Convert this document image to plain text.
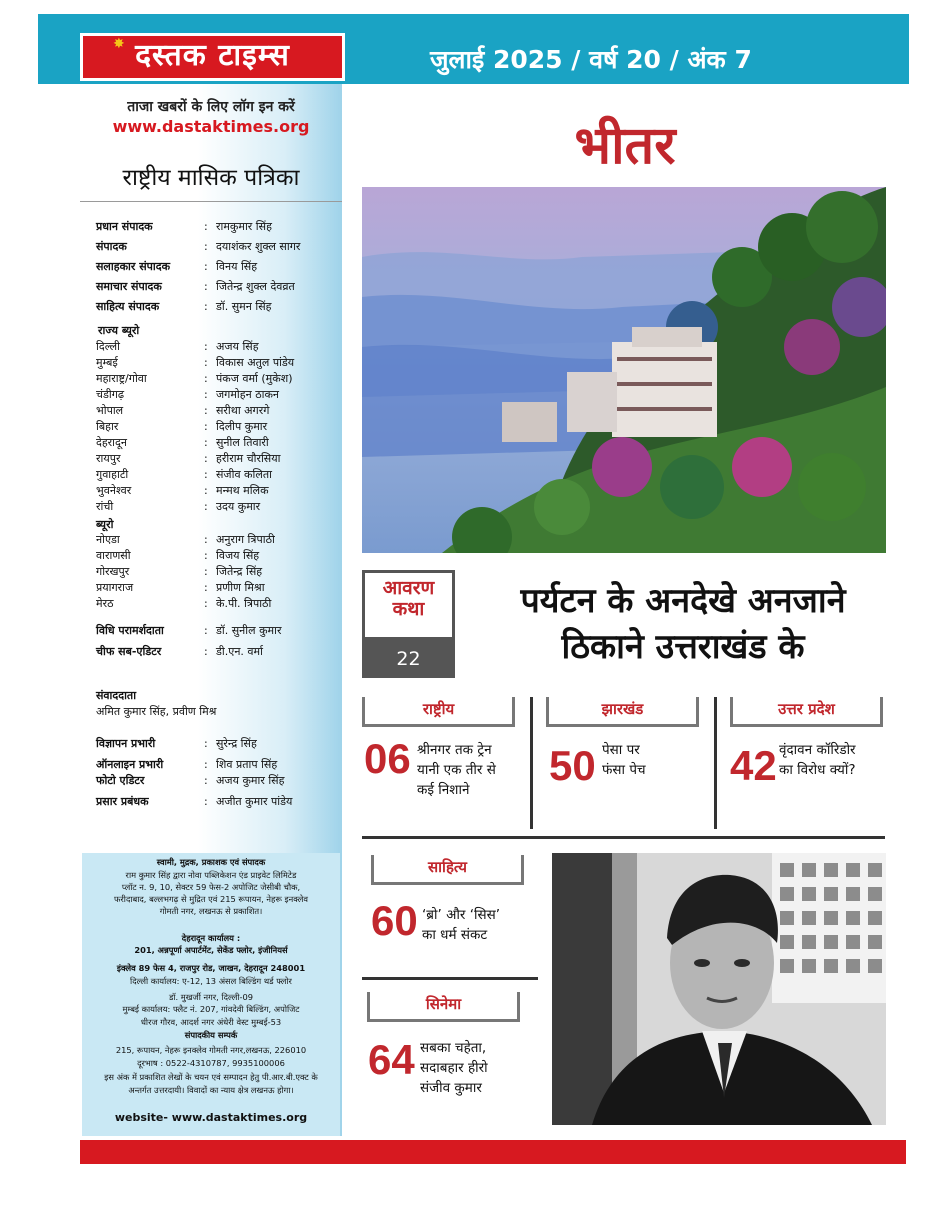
✸ दस्तक टाइम्स	जुलाई 2025 / वर्ष 20 / अंक 7
ताजा खबरों के लिए लॉग इन करें
www.dastaktimes.org
राष्ट्रीय मासिक पत्रिका
प्रधान संपादक	: रामकुमार सिंह
संपादक	: दयाशंकर शुक्ल सागर
सलाहकार संपादक	: विनय सिंह
समाचार संपादक	: जितेन्द्र शुक्ल देवव्रत
साहित्य संपादक	: डॉ. सुमन सिंह
राज्य ब्यूरो
दिल्ली	: अजय सिंह
मुम्बई	: विकास अतुल पांडेय
महाराष्ट्र/गोवा	: पंकज वर्मा (मुकेश)
चंडीगढ़	: जगमोहन ठाकन
भोपाल	: सरीथा अगरगे
बिहार	: दिलीप कुमार
देहरादून	: सुनील तिवारी
रायपुर	: हरीराम चौरसिया
गुवाहाटी	: संजीव कलिता
भुवनेश्वर	: मन्मथ मलिक
रांची	: उदय कुमार
ब्यूरो
नोएडा	: अनुराग त्रिपाठी
वाराणसी	: विजय सिंह
गोरखपुर	: जितेन्द्र सिंह
प्रयागराज	: प्रणीण मिश्रा
मेरठ	: के.पी. त्रिपाठी
विधि परामर्शदाता	: डॉ. सुनील कुमार
चीफ सब-एडिटर	: डी.एन. वर्मा
संवाददाता
अमित कुमार सिंह, प्रवीण मिश्र
विज्ञापन प्रभारी	: सुरेन्द्र सिंह
ऑनलाइन प्रभारी	: शिव प्रताप सिंह
फोटो एडिटर	: अजय कुमार सिंह
प्रसार प्रबंधक	: अजीत कुमार पांडेय
स्वामी, मुद्रक, प्रकाशक एवं संपादक
राम कुमार सिंह द्वारा नोवा पब्लिकेशन एंड प्राइवेट लिमिटेड
प्लॉट न. 9, 10, सेक्टर 59 फेस-2 अपोजिट जेसीबी चौक,
फरीदाबाद, बल्लभगढ़ से मुद्रित एवं 215 रूपायन, नेहरू इनक्लेव
गोमती नगर, लखनऊ से प्रकाशित।
देहरादून कार्यालय :
201, अन्नपूर्णा अपार्टमेंट, सेकेंड फ्लोर, इंजीनियर्स
इंक्लेव 89 फेस 4, राजपुर रोड, जाखन, देहरादून 248001
दिल्ली कार्यालय: ए-12, 13 अंसल बिल्डिंग थर्ड फ्लोर
डॉ. मुखर्जी नगर, दिल्ली-09
मुम्बई कार्यालय: फ्लैट नं. 207, गांवदेवी बिल्डिंग, अपोजिट
धीरज गौरव, आदर्श नगर अंधेरी वेस्ट मुम्बई-53
संपादकीय सम्पर्क
215, रूपायन, नेहरू इनक्लेव गोमती नगर,लखनऊ, 226010
दूरभाष : 0522-4310787, 9935100006
इस अंक में प्रकाशित लेखों के चयन एवं सम्पादन हेतु पी.आर.बी.एक्ट के
अन्तर्गत उत्तरदायी। विवादों का न्याय क्षेत्र लखनऊ होगा।
website- www.dastaktimes.org
भीतर
आवरण
कथा
22
पर्यटन के अनदेखे अनजाने
ठिकाने उत्तराखंड के
राष्ट्रीय
06 श्रीनगर तक ट्रेन
यानी एक तीर से
कई निशाने
झारखंड
50 पेसा पर
फंसा पेच
उत्तर प्रदेश
42 वृंदावन कॉरिडोर
का विरोध क्यों?
साहित्य
60 ‘ब्रो’ और ‘सिस’
का धर्म संकट
सिनेमा
64 सबका चहेता,
सदाबहार हीरो
संजीव कुमार
